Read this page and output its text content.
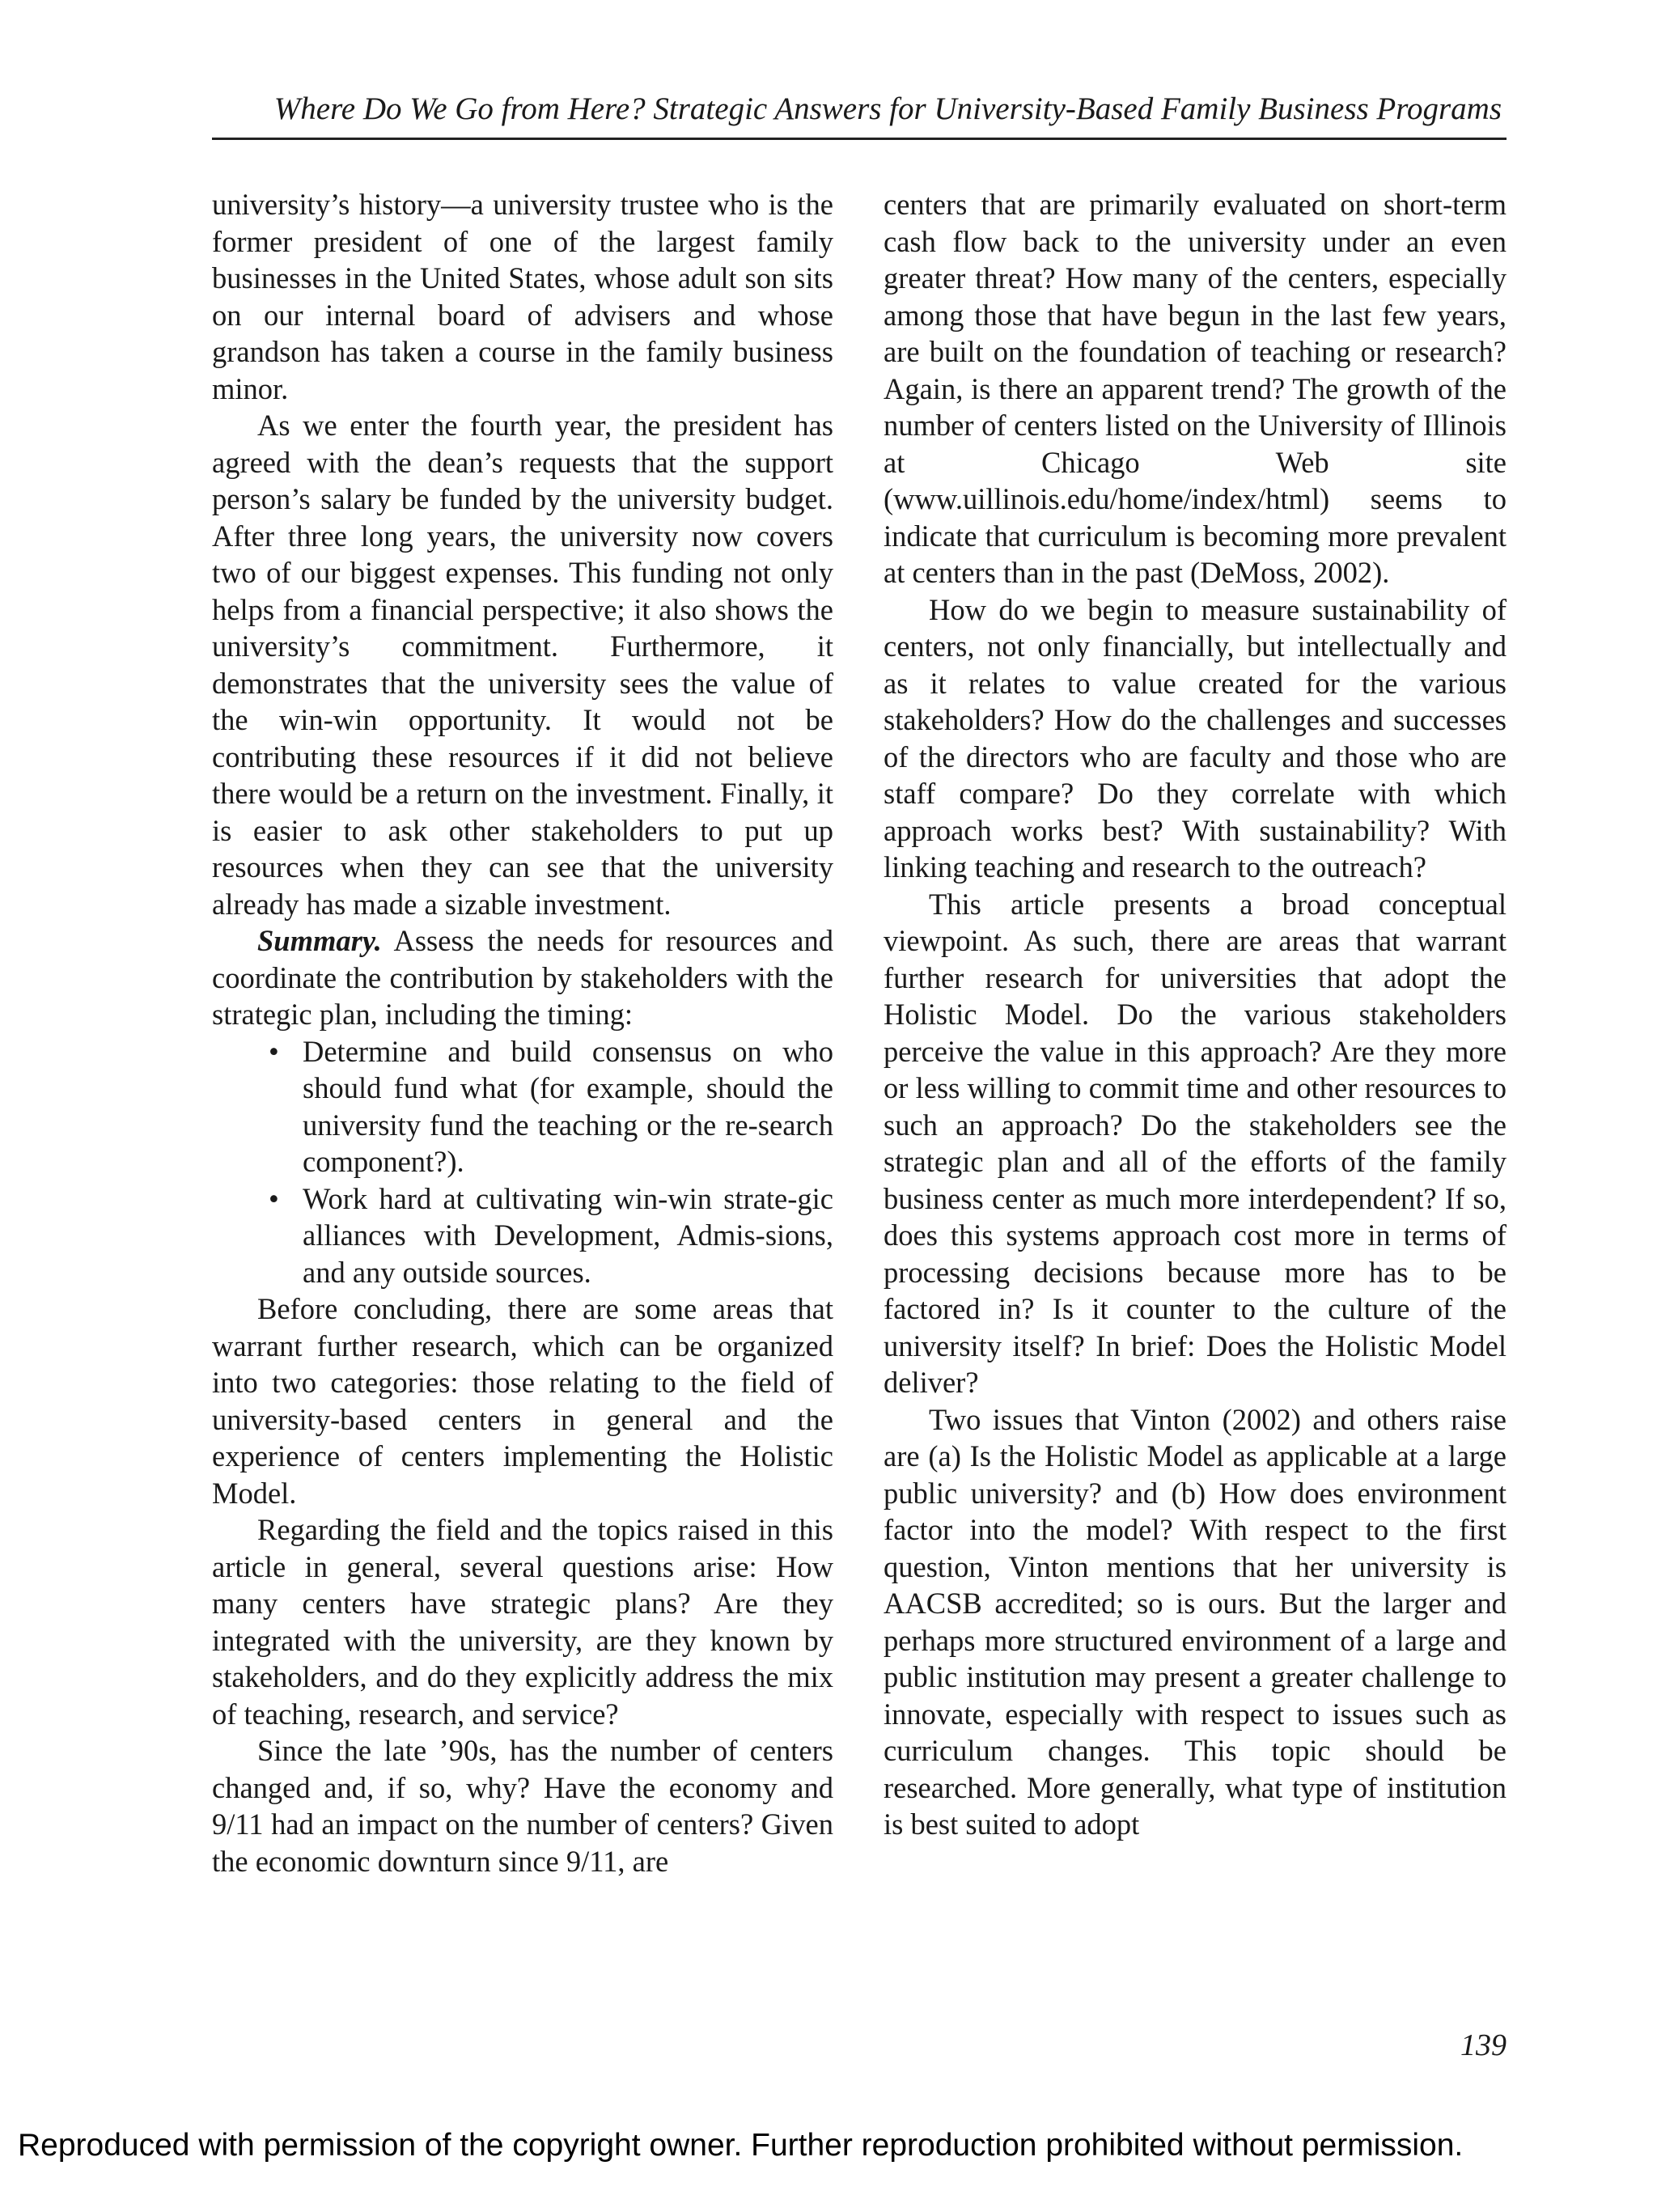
Where Do We Go from Here? Strategic Answers for University-Based Family Business Programs

university’s history—a university trustee who is the former president of one of the largest family businesses in the United States, whose adult son sits on our internal board of advisers and whose grandson has taken a course in the family business minor.

As we enter the fourth year, the president has agreed with the dean’s requests that the support person’s salary be funded by the university budget. After three long years, the university now covers two of our biggest expenses. This funding not only helps from a financial perspective; it also shows the university’s commitment. Furthermore, it demonstrates that the university sees the value of the win-win opportunity. It would not be contributing these resources if it did not believe there would be a return on the investment. Finally, it is easier to ask other stakeholders to put up resources when they can see that the university already has made a sizable investment.

Summary. Assess the needs for resources and coordinate the contribution by stakeholders with the strategic plan, including the timing:

• Determine and build consensus on who should fund what (for example, should the university fund the teaching or the re-search component?).
• Work hard at cultivating win-win strate-gic alliances with Development, Admis-sions, and any outside sources.

Before concluding, there are some areas that warrant further research, which can be organized into two categories: those relating to the field of university-based centers in general and the experience of centers implementing the Holistic Model.

Regarding the field and the topics raised in this article in general, several questions arise: How many centers have strategic plans? Are they integrated with the university, are they known by stakeholders, and do they explicitly address the mix of teaching, research, and service?

Since the late ’90s, has the number of centers changed and, if so, why? Have the economy and 9/11 had an impact on the number of centers? Given the economic downturn since 9/11, are

centers that are primarily evaluated on short-term cash flow back to the university under an even greater threat? How many of the centers, especially among those that have begun in the last few years, are built on the foundation of teaching or research? Again, is there an apparent trend? The growth of the number of centers listed on the University of Illinois at Chicago Web site (www.uillinois.edu/home/index/html) seems to indicate that curriculum is becoming more prevalent at centers than in the past (DeMoss, 2002).

How do we begin to measure sustainability of centers, not only financially, but intellectually and as it relates to value created for the various stakeholders? How do the challenges and successes of the directors who are faculty and those who are staff compare? Do they correlate with which approach works best? With sustainability? With linking teaching and research to the outreach?

This article presents a broad conceptual viewpoint. As such, there are areas that warrant further research for universities that adopt the Holistic Model. Do the various stakeholders perceive the value in this approach? Are they more or less willing to commit time and other resources to such an approach? Do the stakeholders see the strategic plan and all of the efforts of the family business center as much more interdependent? If so, does this systems approach cost more in terms of processing decisions because more has to be factored in? Is it counter to the culture of the university itself? In brief: Does the Holistic Model deliver?

Two issues that Vinton (2002) and others raise are (a) Is the Holistic Model as applicable at a large public university? and (b) How does environment factor into the model? With respect to the first question, Vinton mentions that her university is AACSB accredited; so is ours. But the larger and perhaps more structured environment of a large and public institution may present a greater challenge to innovate, especially with respect to issues such as curriculum changes. This topic should be researched. More generally, what type of institution is best suited to adopt

139
Reproduced with permission of the copyright owner. Further reproduction prohibited without permission.
